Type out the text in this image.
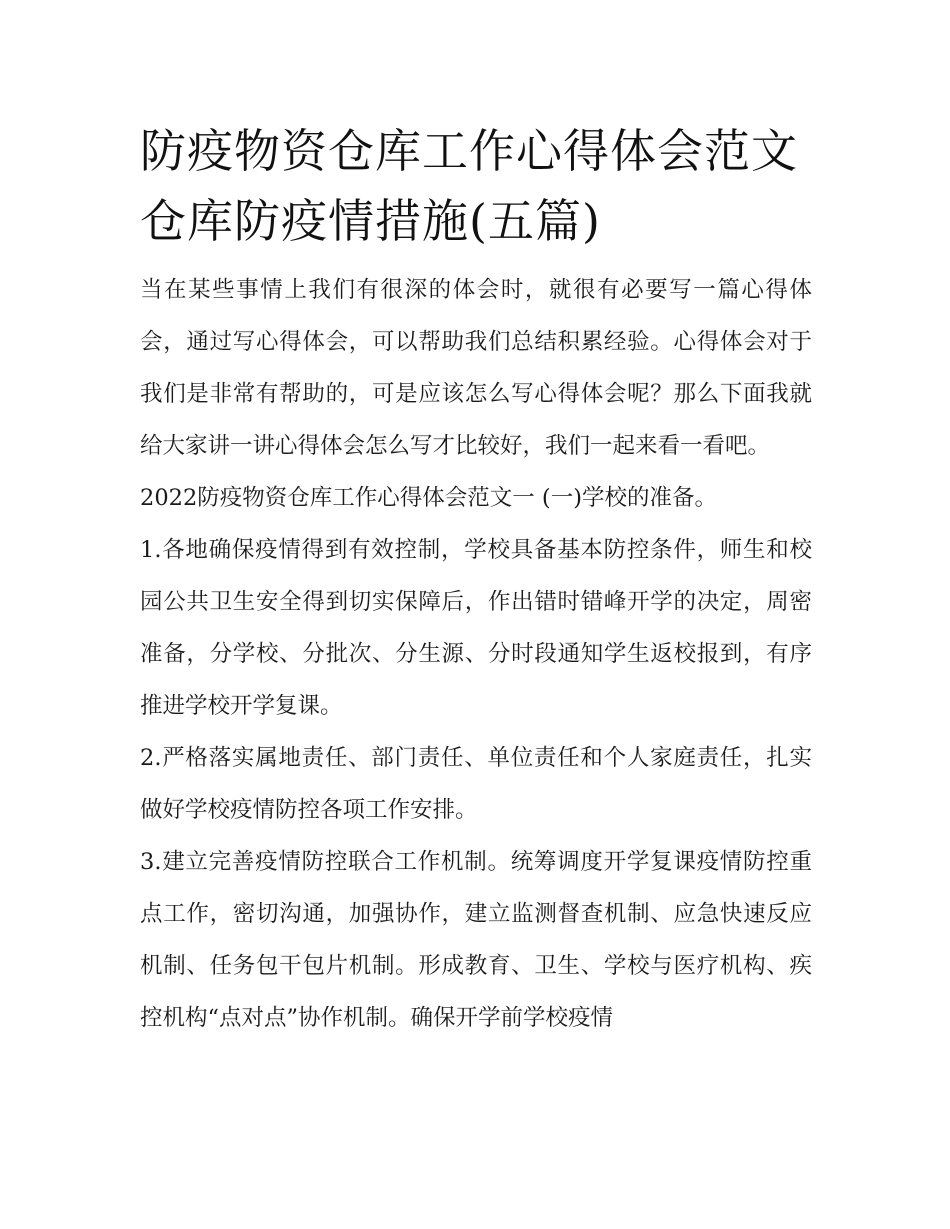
防疫物资仓库工作心得体会范文 仓库防疫情措施(五篇)

当在某些事情上我们有很深的体会时，就很有必要写一篇心得体会，通过写心得体会，可以帮助我们总结积累经验。心得体会对于我们是非常有帮助的，可是应该怎么写心得体会呢？那么下面我就给大家讲一讲心得体会怎么写才比较好，我们一起来看一看吧。

2022防疫物资仓库工作心得体会范文一 (一)学校的准备。

1.各地确保疫情得到有效控制，学校具备基本防控条件，师生和校园公共卫生安全得到切实保障后，作出错时错峰开学的决定，周密准备，分学校、分批次、分生源、分时段通知学生返校报到，有序推进学校开学复课。

2.严格落实属地责任、部门责任、单位责任和个人家庭责任，扎实做好学校疫情防控各项工作安排。

3.建立完善疫情防控联合工作机制。统筹调度开学复课疫情防控重点工作，密切沟通，加强协作，建立监测督查机制、应急快速反应机制、任务包干包片机制。形成教育、卫生、学校与医疗机构、疾控机构“点对点”协作机制。确保开学前学校疫情
